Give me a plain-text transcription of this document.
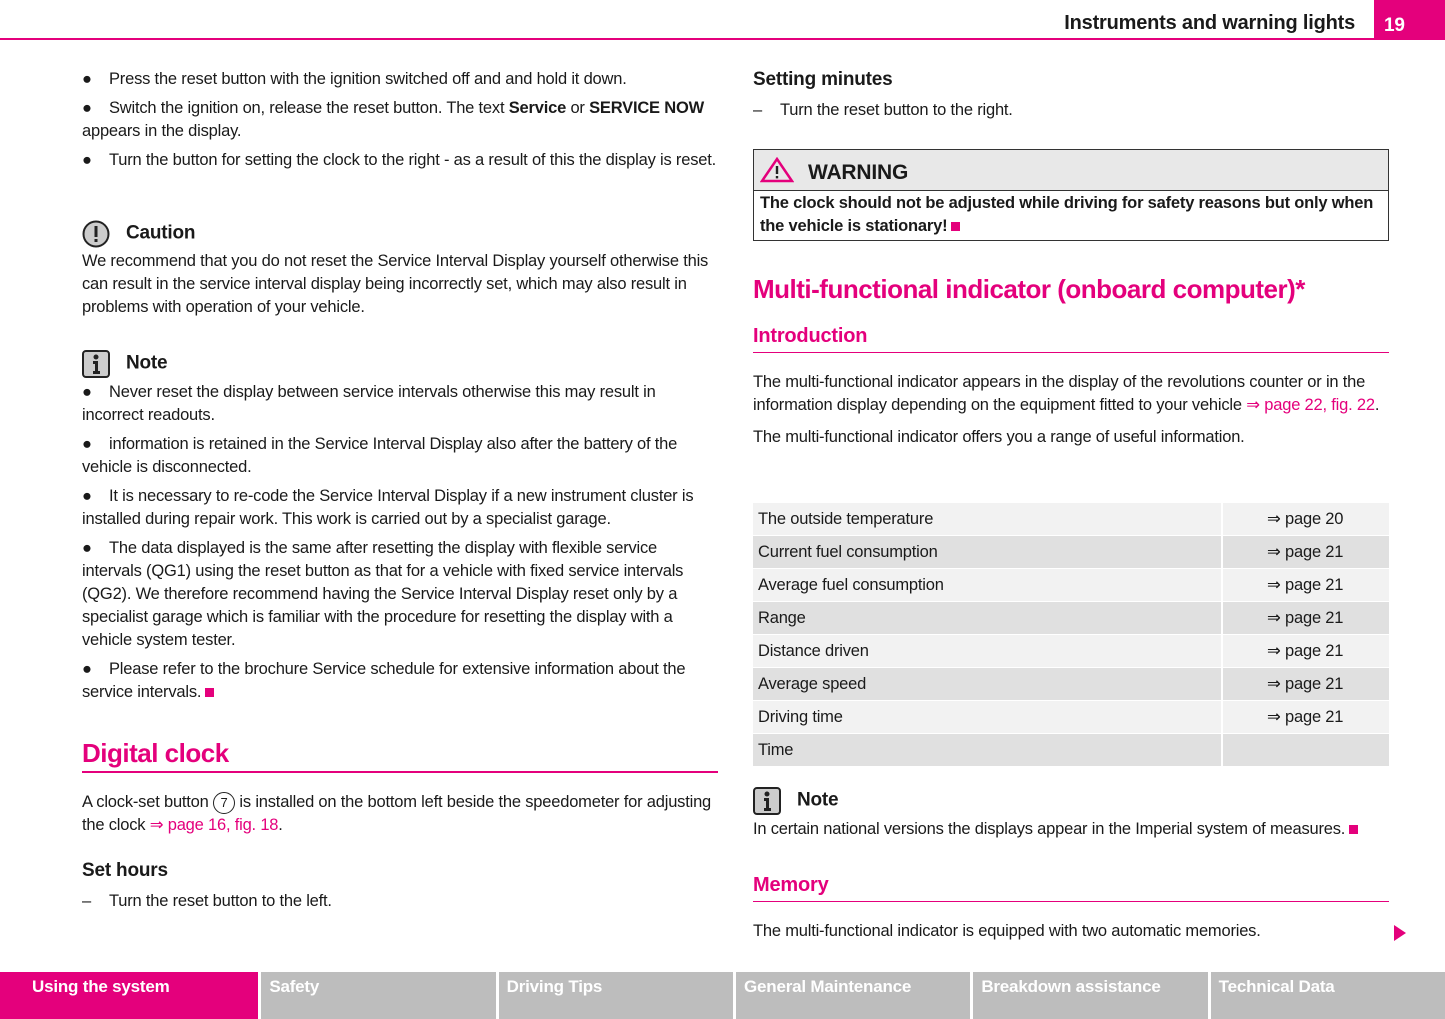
Instruments and warning lights	19
● Press the reset button with the ignition switched off and and hold it down.
● Switch the ignition on, release the reset button. The text Service or SERVICE NOW appears in the display.
● Turn the button for setting the clock to the right - as a result of this the display is reset.
Caution
We recommend that you do not reset the Service Interval Display yourself otherwise this can result in the service interval display being incorrectly set, which may also result in problems with operation of your vehicle.
Note
● Never reset the display between service intervals otherwise this may result in incorrect readouts.
● information is retained in the Service Interval Display also after the battery of the vehicle is disconnected.
● It is necessary to re-code the Service Interval Display if a new instrument cluster is installed during repair work. This work is carried out by a specialist garage.
● The data displayed is the same after resetting the display with flexible service intervals (QG1) using the reset button as that for a vehicle with fixed service intervals (QG2). We therefore recommend having the Service Interval Display reset only by a specialist garage which is familiar with the procedure for resetting the display with a vehicle system tester.
● Please refer to the brochure Service schedule for extensive information about the service intervals.
Digital clock
A clock-set button 7 is installed on the bottom left beside the speedometer for adjusting the clock ⇒ page 16, fig. 18.
Set hours
– Turn the reset button to the left.
Setting minutes
– Turn the reset button to the right.
WARNING
The clock should not be adjusted while driving for safety reasons but only when the vehicle is stationary!
Multi-functional indicator (onboard computer)*
Introduction
The multi-functional indicator appears in the display of the revolutions counter or in the information display depending on the equipment fitted to your vehicle ⇒ page 22, fig. 22.
The multi-functional indicator offers you a range of useful information.
The outside temperature	⇒ page 20
Current fuel consumption	⇒ page 21
Average fuel consumption	⇒ page 21
Range	⇒ page 21
Distance driven	⇒ page 21
Average speed	⇒ page 21
Driving time	⇒ page 21
Time	
Note
In certain national versions the displays appear in the Imperial system of measures.
Memory
The multi-functional indicator is equipped with two automatic memories.
Using the system	Safety	Driving Tips	General Maintenance	Breakdown assistance	Technical Data
